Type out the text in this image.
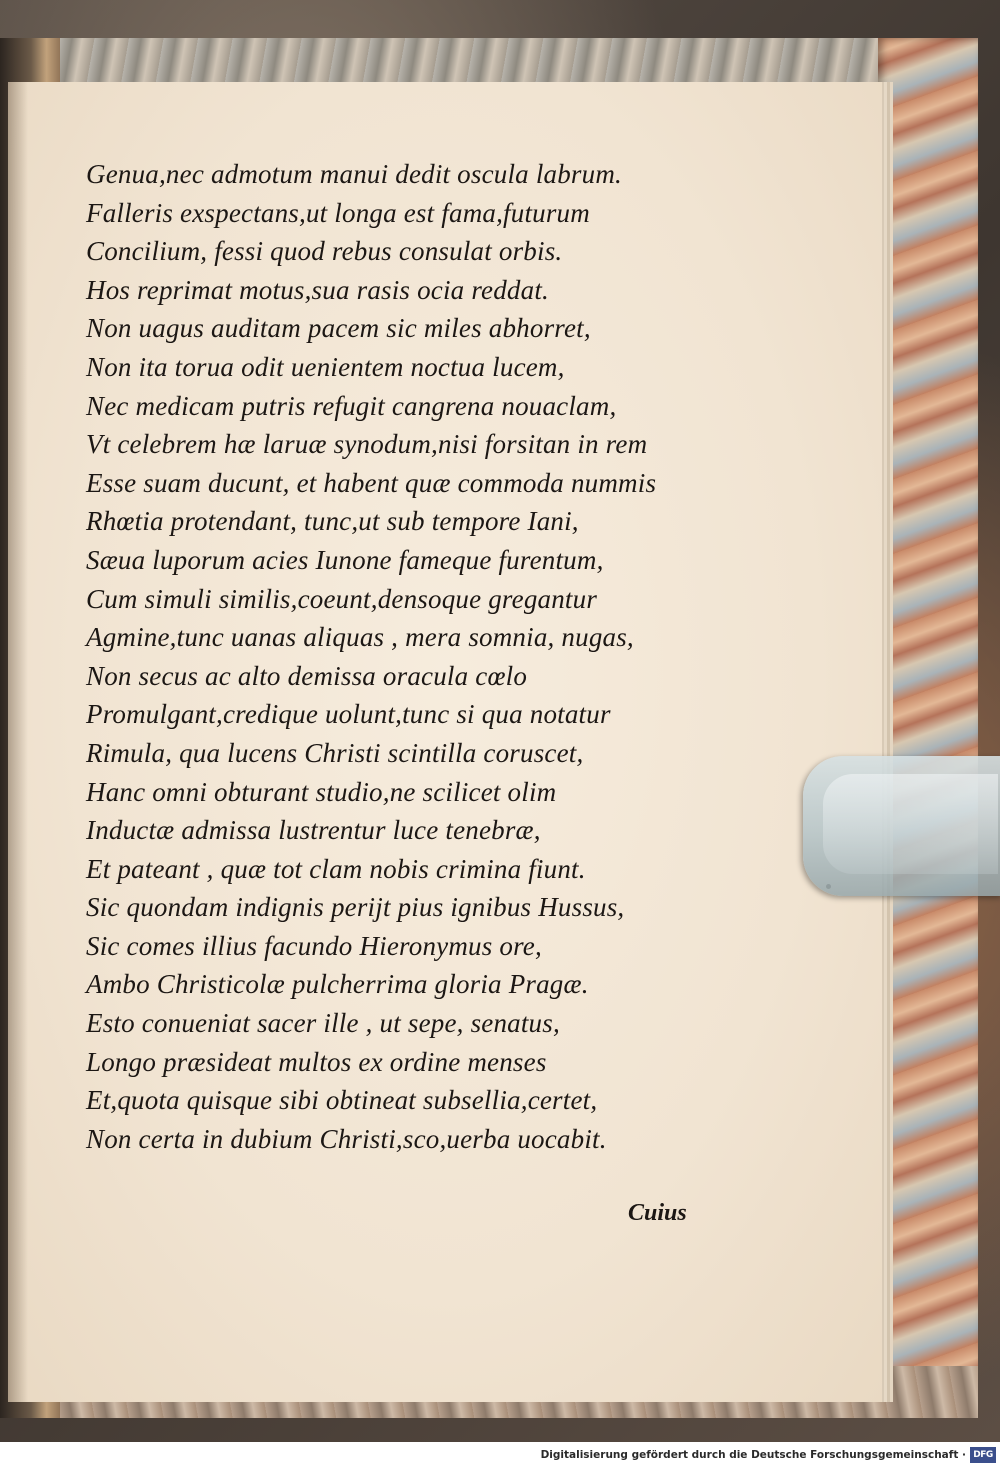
Genua,nec admotum manui dedit oscula labrum.
Falleris exspectans,ut longa est fama,futurum
Concilium, fessi quod rebus consulat orbis.
Hos reprimat motus,sua rasis ocia reddat.
Non uagus auditam pacem sic miles abhorret,
Non ita torua odit uenientem noctua lucem,
Nec medicam putris refugit cangrena nouaclam,
Vt celebrem hæ laruæ synodum,nisi forsitan in rem
Esse suam ducunt, et habent quæ commoda nummis
Rhœtia protendant, tunc,ut sub tempore Iani,
Sæua luporum acies Iunone fameque furentum,
Cum simuli similis,coeunt,densoque gregantur
Agmine,tunc uanas aliquas , mera somnia, nugas,
Non secus ac alto demissa oracula cœlo
Promulgant,credique uolunt,tunc si qua notatur
Rimula, qua lucens Christi scintilla coruscet,
Hanc omni obturant studio,ne scilicet olim
Inductæ admissa lustrentur luce tenebræ,
Et pateant , quæ tot clam nobis crimina fiunt.
Sic quondam indignis perijt pius ignibus Hussus,
Sic comes illius facundo Hieronymus ore,
Ambo Christicolæ pulcherrima gloria Pragæ.
Esto conueniat sacer ille , ut sepe, senatus,
Longo præsideat multos ex ordine menses
Et,quota quisque sibi obtineat subsellia,certet,
Non certa in dubium Christi,sco,uerba uocabit.
Cuius
Digitalisierung gefördert durch die Deutsche Forschungsgemeinschaft · DFG
